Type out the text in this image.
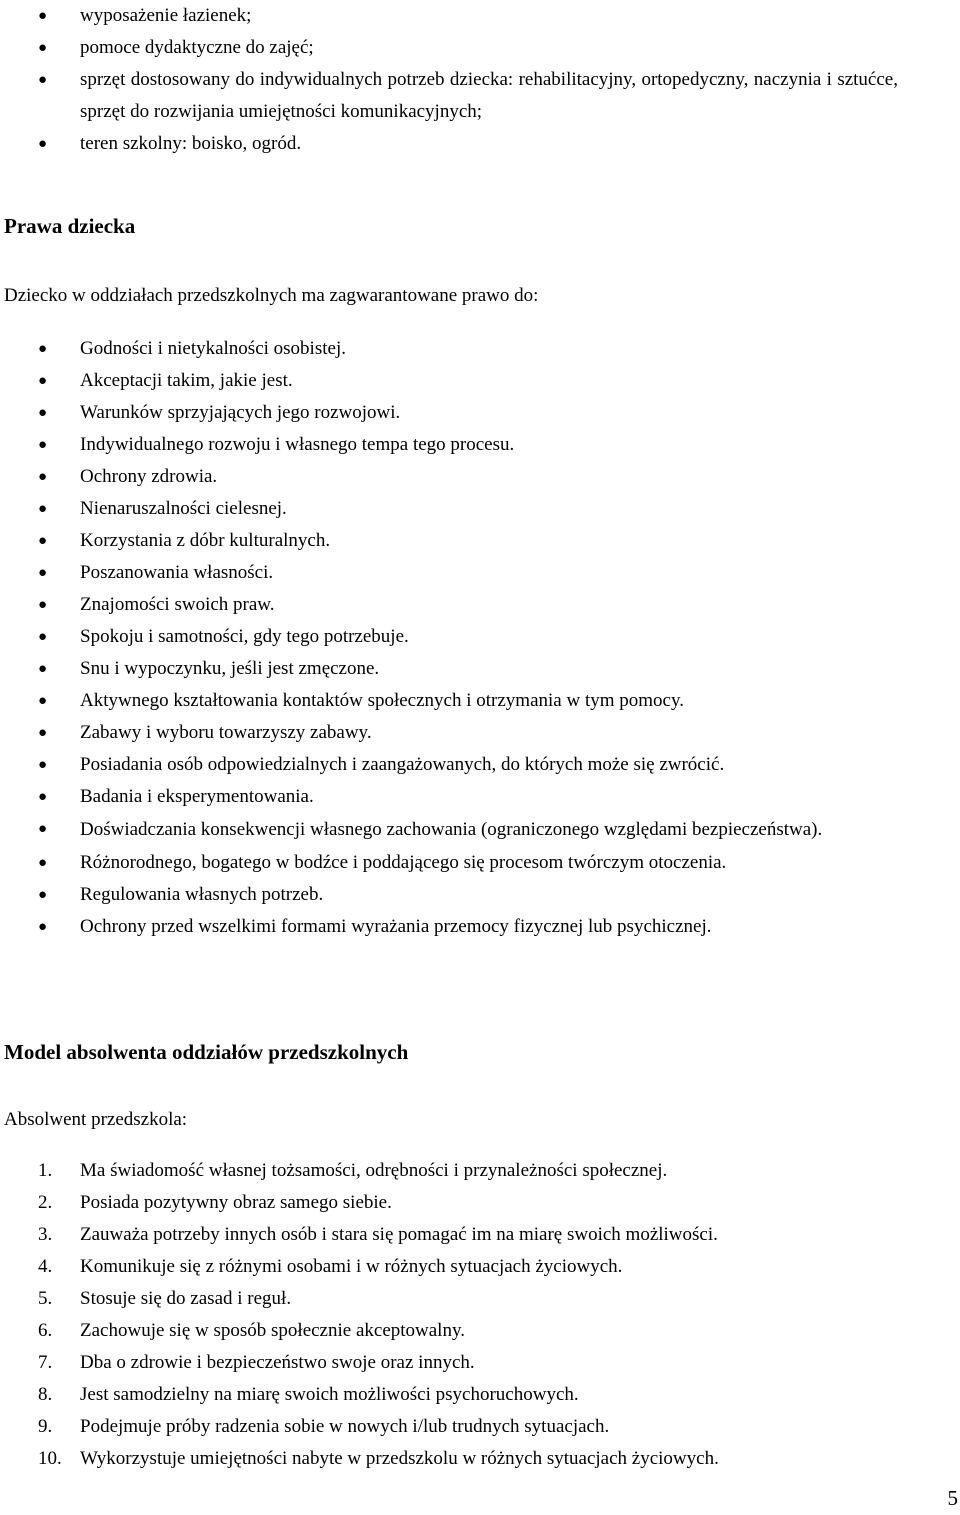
● wyposażenie łazienek;
● pomoce dydaktyczne do zajęć;
● sprzęt dostosowany do indywidualnych potrzeb dziecka: rehabilitacyjny, ortopedyczny, naczynia i sztućce, sprzęt do rozwijania umiejętności komunikacyjnych;
● teren szkolny: boisko, ogród.
Prawa dziecka

Dziecko w oddziałach przedszkolnych ma zagwarantowane prawo do:

● Godności i nietykalności osobistej.
● Akceptacji takim, jakie jest.
● Warunków sprzyjających jego rozwojowi.
● Indywidualnego rozwoju i własnego tempa tego procesu.
● Ochrony zdrowia.
● Nienaruszalności cielesnej.
● Korzystania z dóbr kulturalnych.
● Poszanowania własności.
● Znajomości swoich praw.
● Spokoju i samotności, gdy tego potrzebuje.
● Snu i wypoczynku, jeśli jest zmęczone.
● Aktywnego kształtowania kontaktów społecznych i otrzymania w tym pomocy.
● Zabawy i wyboru towarzyszy zabawy.
● Posiadania osób odpowiedzialnych i zaangażowanych, do których może się zwrócić.
● Badania i eksperymentowania.
● Doświadczania konsekwencji własnego zachowania (ograniczonego względami bezpieczeństwa).
● Różnorodnego, bogatego w bodźce i poddającego się procesom twórczym otoczenia.
● Regulowania własnych potrzeb.
● Ochrony przed wszelkimi formami wyrażania przemocy fizycznej lub psychicznej.
Model absolwenta oddziałów przedszkolnych

Absolwent przedszkola:

1.	Ma świadomość własnej tożsamości, odrębności i przynależności społecznej.
2.	Posiada pozytywny obraz samego siebie.
3.	Zauważa potrzeby innych osób i stara się pomagać im na miarę swoich możliwości.
4.	Komunikuje się z różnymi osobami i w różnych sytuacjach życiowych.
5.	Stosuje się do zasad i reguł.
6.	Zachowuje się w sposób społecznie akceptowalny.
7.	Dba o zdrowie i bezpieczeństwo swoje oraz innych.
8.	Jest samodzielny na miarę swoich możliwości psychoruchowych.
9.	Podejmuje próby radzenia sobie w nowych i/lub trudnych sytuacjach.
10. Wykorzystuje umiejętności nabyte w przedszkolu w różnych sytuacjach życiowych.
5
